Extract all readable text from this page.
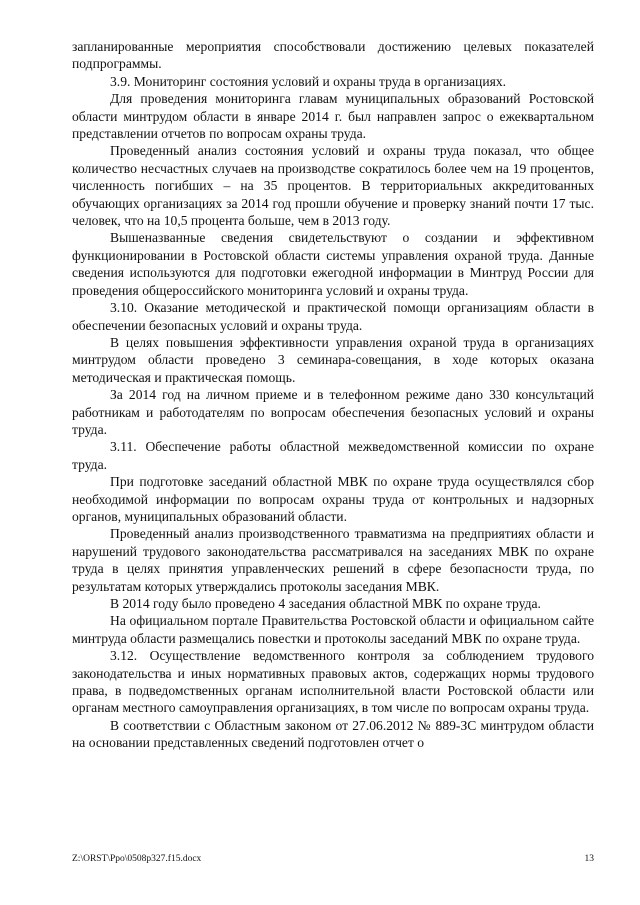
запланированные мероприятия способствовали достижению целевых показателей подпрограммы.

3.9. Мониторинг состояния условий и охраны труда в организациях.

Для проведения мониторинга главам муниципальных образований Ростовской области минтрудом области в январе 2014 г. был направлен запрос о ежеквартальном представлении отчетов по вопросам охраны труда.

Проведенный анализ состояния условий и охраны труда показал, что общее количество несчастных случаев на производстве сократилось более чем на 19 процентов, численность погибших – на 35 процентов. В территориальных аккредитованных обучающих организациях за 2014 год прошли обучение и проверку знаний почти 17 тыс. человек, что на 10,5 процента больше, чем в 2013 году.

Вышеназванные сведения свидетельствуют о создании и эффективном функционировании в Ростовской области системы управления охраной труда. Данные сведения используются для подготовки ежегодной информации в Минтруд России для проведения общероссийского мониторинга условий и охраны труда.

3.10. Оказание методической и практической помощи организациям области в обеспечении безопасных условий и охраны труда.

В целях повышения эффективности управления охраной труда в организациях минтрудом области проведено 3 семинара-совещания, в ходе которых оказана методическая и практическая помощь.

За 2014 год на личном приеме и в телефонном режиме дано 330 консультаций работникам и работодателям по вопросам обеспечения безопасных условий и охраны труда.

3.11. Обеспечение работы областной межведомственной комиссии по охране труда.

При подготовке заседаний областной МВК по охране труда осуществлялся сбор необходимой информации по вопросам охраны труда от контрольных и надзорных органов, муниципальных образований области.

Проведенный анализ производственного травматизма на предприятиях области и нарушений трудового законодательства рассматривался на заседаниях МВК по охране труда в целях принятия управленческих решений в сфере безопасности труда, по результатам которых утверждались протоколы заседания МВК.

В 2014 году было проведено 4 заседания областной МВК по охране труда.

На официальном портале Правительства Ростовской области и официальном сайте минтруда области размещались повестки и протоколы заседаний МВК по охране труда.

3.12. Осуществление ведомственного контроля за соблюдением трудового законодательства и иных нормативных правовых актов, содержащих нормы трудового права, в подведомственных органам исполнительной власти Ростовской области или органам местного самоуправления организациях, в том числе по вопросам охраны труда.

В соответствии с Областным законом от 27.06.2012 № 889-ЗС минтрудом области на основании представленных сведений подготовлен отчет о

Z:\ORST\Ppo\0508p327.f15.docx	13
